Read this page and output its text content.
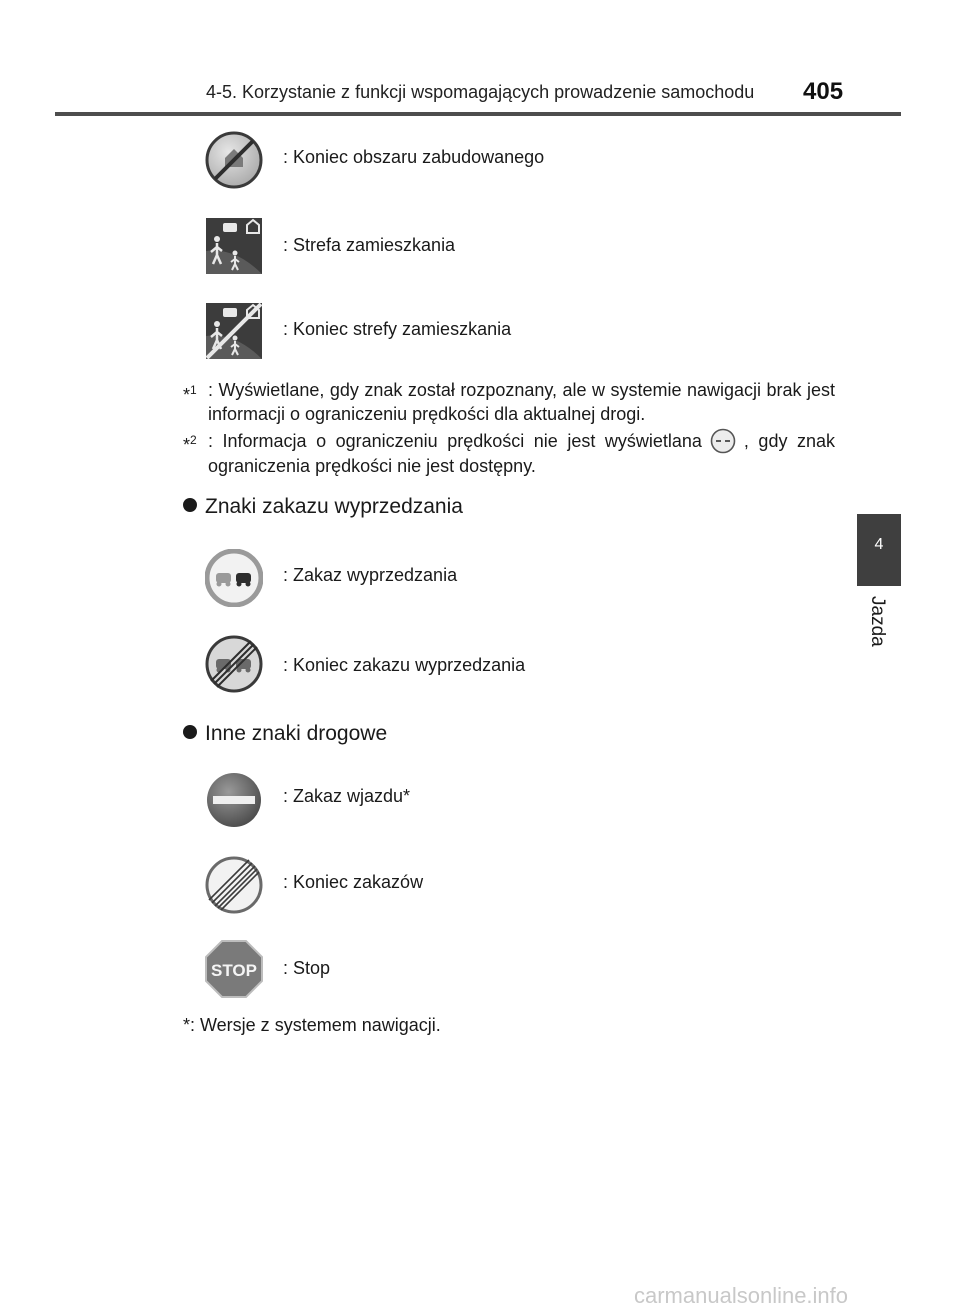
4-5. Korzystanie z funkcji wspomagających prowadzenie samochodu 405
4
Jazda
: Koniec obszaru zabudowanego
: Strefa zamieszkania
: Koniec strefy zamieszkania
*$^1$ : Wyświetlane, gdy znak został rozpoznany, ale w systemie nawigacji brak jest informacji o ograniczeniu prędkości dla aktualnej drogi.
*$^2$ : Informacja o ograniczeniu prędkości nie jest wyświetlana , gdy znak ograniczenia prędkości nie jest dostępny.
Znaki zakazu wyprzedzania
: Zakaz wyprzedzania
: Koniec zakazu wyprzedzania
Inne znaki drogowe
: Zakaz wjazdu*
: Koniec zakazów
STOP : Stop
*: Wersje z systemem nawigacji.
carmanualsonline.info
